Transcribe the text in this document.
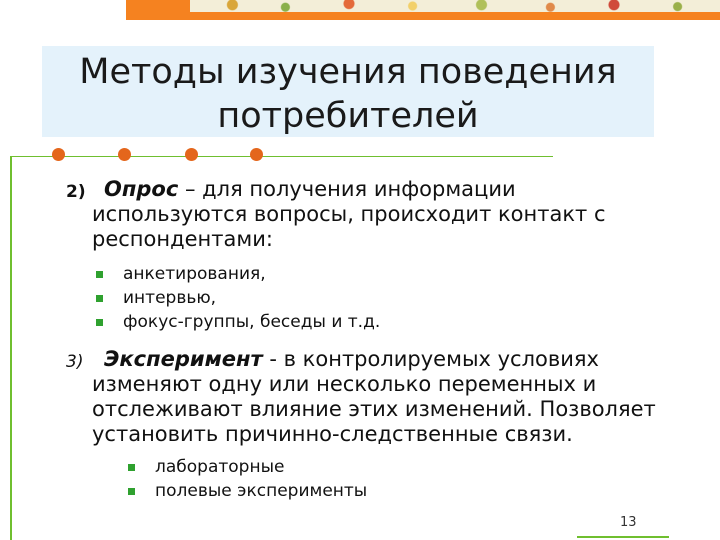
Методы изучения поведения
потребителей
2) Опрос – для получения информации

используются вопросы, происходит контакт с

респондентами:

анкетирования,
интервью,
фокус-группы, беседы и т.д.
3) Эксперимент - в контролируемых условиях

изменяют одну или несколько переменных и

отслеживают влияние этих изменений. Позволяет

установить причинно-следственные связи.

лабораторные
полевые эксперименты
13
